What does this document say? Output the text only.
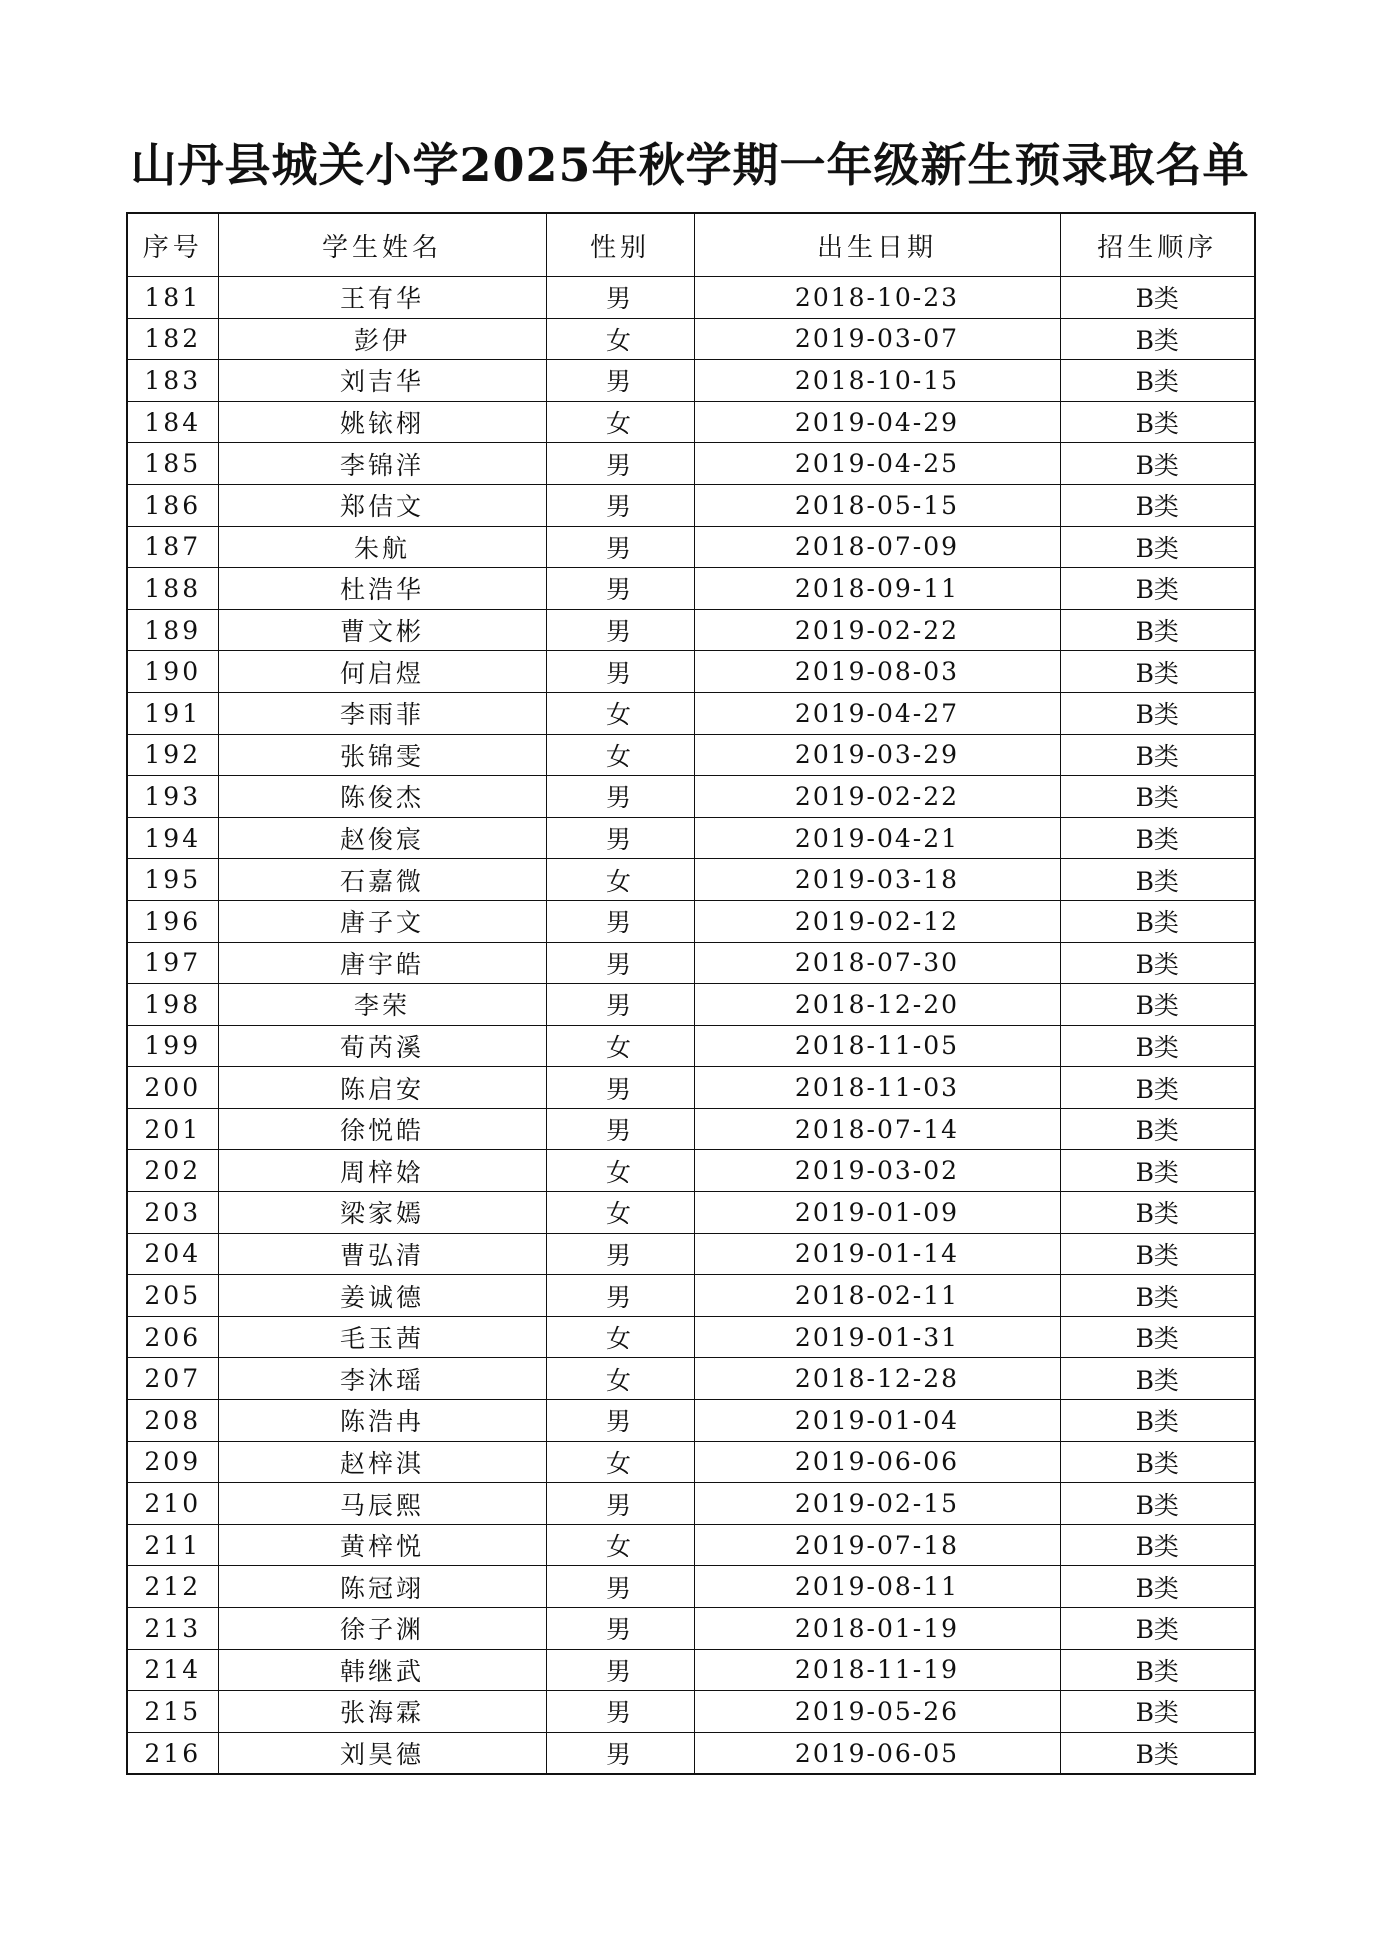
山丹县城关小学2025年秋学期一年级新生预录取名单
序号	学生姓名	性别	出生日期	招生顺序
181	王有华	男	2018-10-23	B类
182	彭伊	女	2019-03-07	B类
183	刘吉华	男	2018-10-15	B类
184	姚铱栩	女	2019-04-29	B类
185	李锦洋	男	2019-04-25	B类
186	郑佶文	男	2018-05-15	B类
187	朱航	男	2018-07-09	B类
188	杜浩华	男	2018-09-11	B类
189	曹文彬	男	2019-02-22	B类
190	何启煜	男	2019-08-03	B类
191	李雨菲	女	2019-04-27	B类
192	张锦雯	女	2019-03-29	B类
193	陈俊杰	男	2019-02-22	B类
194	赵俊宸	男	2019-04-21	B类
195	石嘉微	女	2019-03-18	B类
196	唐子文	男	2019-02-12	B类
197	唐宇皓	男	2018-07-30	B类
198	李荣	男	2018-12-20	B类
199	荀芮溪	女	2018-11-05	B类
200	陈启安	男	2018-11-03	B类
201	徐悦皓	男	2018-07-14	B类
202	周梓娢	女	2019-03-02	B类
203	梁家嫣	女	2019-01-09	B类
204	曹弘清	男	2019-01-14	B类
205	姜诚德	男	2018-02-11	B类
206	毛玉茜	女	2019-01-31	B类
207	李沐瑶	女	2018-12-28	B类
208	陈浩冉	男	2019-01-04	B类
209	赵梓淇	女	2019-06-06	B类
210	马辰熙	男	2019-02-15	B类
211	黄梓悦	女	2019-07-18	B类
212	陈冠翊	男	2019-08-11	B类
213	徐子渊	男	2018-01-19	B类
214	韩继武	男	2018-11-19	B类
215	张海霖	男	2019-05-26	B类
216	刘昊德	男	2019-06-05	B类
